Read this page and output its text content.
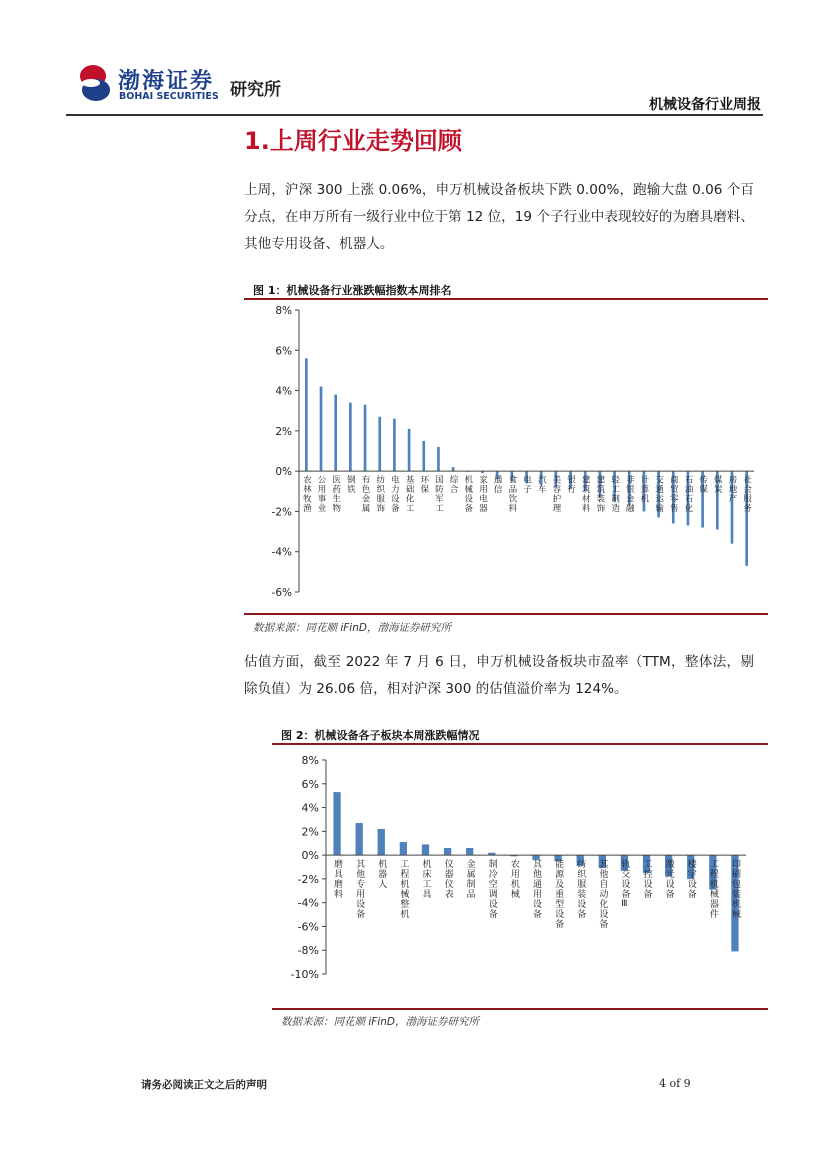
渤海证券
BOHAI SECURITIES 研究所
机械设备行业周报
1.上周行业走势回顾
上周，沪深 300 上涨 0.06%，申万机械设备板块下跌 0.00%，跑输大盘 0.06 个百分点，在申万所有一级行业中位于第 12 位，19 个子行业中表现较好的为磨具磨料、其他专用设备、机器人。
图 1：机械设备行业涨跌幅指数本周排名
-6%
-4%
-2%
0%
2%
4%
6%
8%
农林牧渔 公用事业 医药生物 钢铁 有色金属 纺织服饰 电力设备 基础化工 环保 国防军工 综合 机械设备 家用电器 通信 食品饮料 电子 汽车 美容护理 银行 建筑材料 建筑装饰 轻工制造 非银金融 计算机 交通运输 商贸零售 石油石化 传媒 煤炭 房地产 社会服务
数据来源：同花顺 iFinD，渤海证券研究所
估值方面，截至 2022 年 7 月 6 日，申万机械设备板块市盈率（TTM，整体法，剔除负值）为 26.06 倍，相对沪深 300 的估值溢价率为 124%。
图 2：机械设备各子板块本周涨跌幅情况
-10%
-8%
-6%
-4%
-2%
0%
2%
4%
6%
8%
磨具磨料 其他专用设备 机器人 工程机械整机 机床工具 仪器仪表 金属制品 制冷空调设备 农用机械 其他通用设备 能源及重型设备 纺织服装设备 其他自动化设备 轨交设备Ⅲ 工控设备 激光设备 楼宇设备 工程机械器件 印刷包装机械
数据来源：同花顺 iFinD，渤海证券研究所
请务必阅读正文之后的声明	4 of 9
